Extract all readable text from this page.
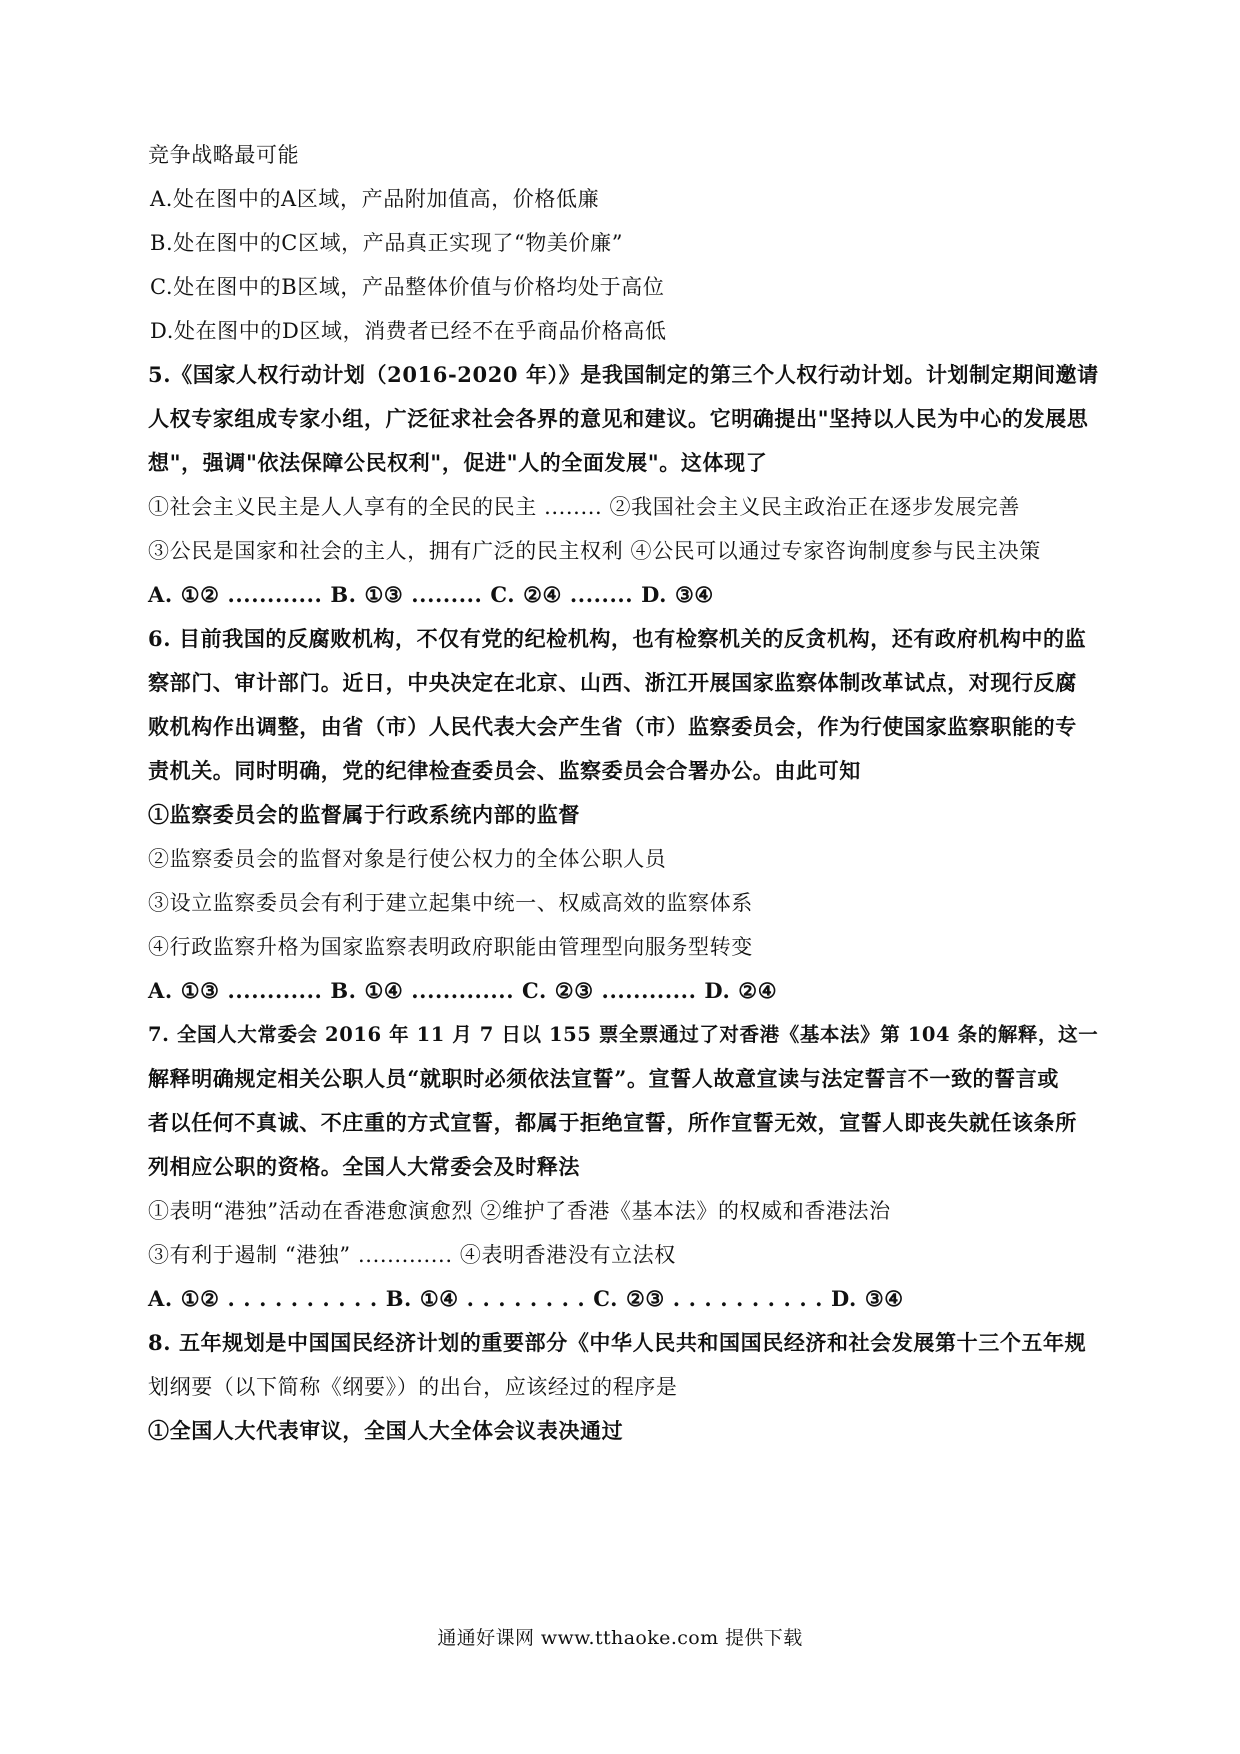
竞争战略最可能
A.处在图中的A区域，产品附加值高，价格低廉
B.处在图中的C区域，产品真正实现了“物美价廉”
C.处在图中的B区域，产品整体价值与价格均处于高位
D.处在图中的D区域，消费者已经不在乎商品价格高低
5.《国家人权行动计划（2016-2020 年）》是我国制定的第三个人权行动计划。计划制定期间邀请
人权专家组成专家小组，广泛征求社会各界的意见和建议。它明确提出"坚持以人民为中心的发展思
想"，强调"依法保障公民权利"，促进"人的全面发展"。这体现了
①社会主义民主是人人享有的全民的民主 ........ ②我国社会主义民主政治正在逐步发展完善
③公民是国家和社会的主人，拥有广泛的民主权利 ④公民可以通过专家咨询制度参与民主决策
A. ①② ............ B. ①③ ......... C. ②④ ........ D. ③④
6. 目前我国的反腐败机构，不仅有党的纪检机构，也有检察机关的反贪机构，还有政府机构中的监
察部门、审计部门。近日，中央决定在北京、山西、浙江开展国家监察体制改革试点，对现行反腐
败机构作出调整，由省（市）人民代表大会产生省（市）监察委员会，作为行使国家监察职能的专
责机关。同时明确，党的纪律检查委员会、监察委员会合署办公。由此可知
①监察委员会的监督属于行政系统内部的监督
②监察委员会的监督对象是行使公权力的全体公职人员
③设立监察委员会有利于建立起集中统一、权威高效的监察体系
④行政监察升格为国家监察表明政府职能由管理型向服务型转变
A. ①③ ............ B. ①④ ............. C. ②③ ............ D. ②④
7. 全国人大常委会 2016 年 11 月 7 日以 155 票全票通过了对香港《基本法》第 104 条的解释，这一
解释明确规定相关公职人员“就职时必须依法宣誓”。宣誓人故意宣读与法定誓言不一致的誓言或
者以任何不真诚、不庄重的方式宣誓，都属于拒绝宣誓，所作宣誓无效，宣誓人即丧失就任该条所
列相应公职的资格。全国人大常委会及时释法
①表明“港独”活动在香港愈演愈烈 ②维护了香港《基本法》的权威和香港法治
③有利于遏制 “港独” ............. ④表明香港没有立法权
A. ①② . . . . . . . . . . B. ①④ . . . . . . . . C. ②③ . . . . . . . . . . D. ③④
8. 五年规划是中国国民经济计划的重要部分《中华人民共和国国民经济和社会发展第十三个五年规
划纲要（以下简称《纲要》）的出台，应该经过的程序是
①全国人大代表审议，全国人大全体会议表决通过
通通好课网 www.tthaoke.com 提供下载
